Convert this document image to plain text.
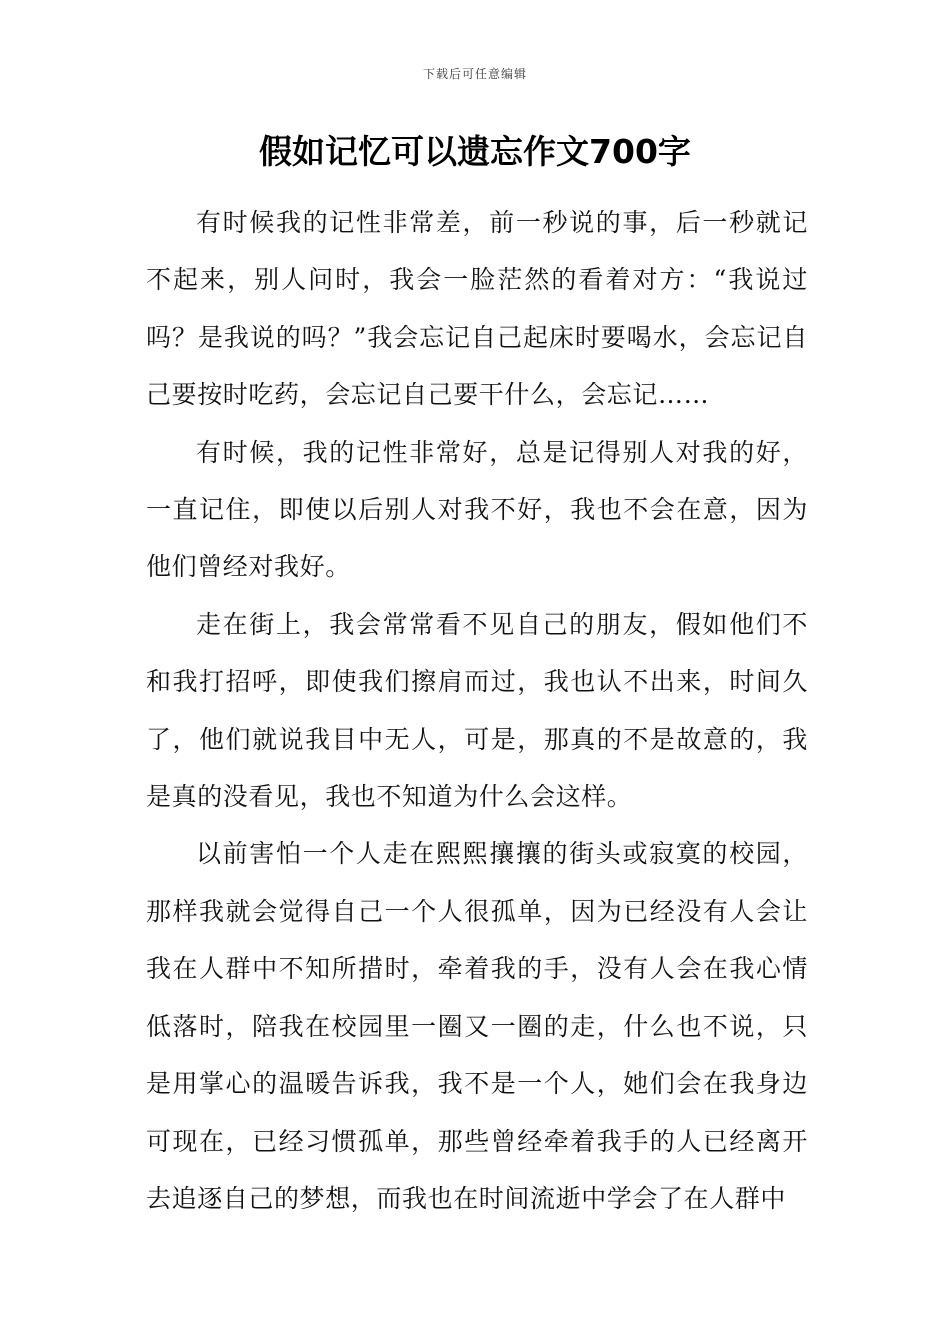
下载后可任意编辑
假如记忆可以遗忘作文700字

有时候我的记性非常差，前一秒说的事，后一秒就记不起来，别人问时，我会一脸茫然的看着对方：“我说过吗？是我说的吗？”我会忘记自己起床时要喝水，会忘记自己要按时吃药，会忘记自己要干什么，会忘记……

有时候，我的记性非常好，总是记得别人对我的好，一直记住，即使以后别人对我不好，我也不会在意，因为他们曾经对我好。

走在街上，我会常常看不见自己的朋友，假如他们不和我打招呼，即使我们擦肩而过，我也认不出来，时间久了，他们就说我目中无人，可是，那真的不是故意的，我是真的没看见，我也不知道为什么会这样。

以前害怕一个人走在熙熙攘攘的街头或寂寞的校园，那样我就会觉得自己一个人很孤单，因为已经没有人会让我在人群中不知所措时，牵着我的手，没有人会在我心情低落时，陪我在校园里一圈又一圈的走，什么也不说，只是用掌心的温暖告诉我，我不是一个人，她们会在我身边可现在，已经习惯孤单，那些曾经牵着我手的人已经离开去追逐自己的梦想，而我也在时间流逝中学会了在人群中
